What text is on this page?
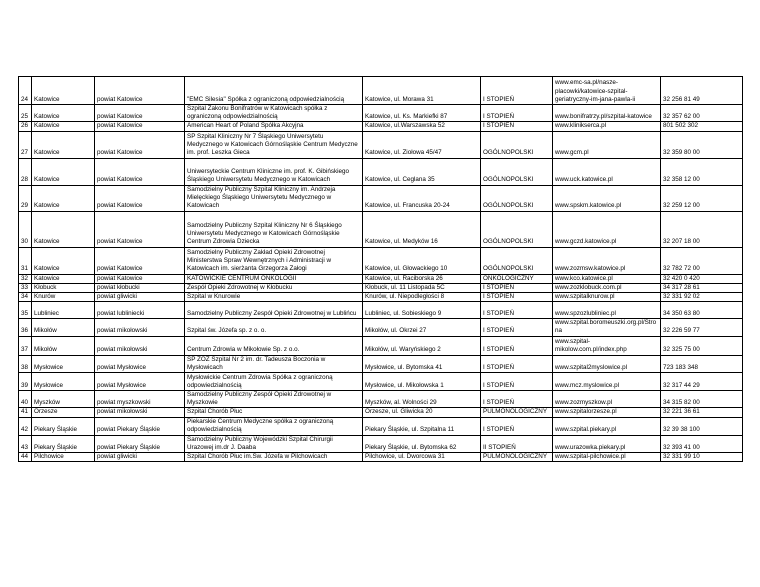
24	Katowice	powiat Katowice	"EMC Silesia" Spółka z ograniczoną odpowiedzialnością	Katowice, ul. Morawa 31	I STOPIEŃ	www.emc-sa.pl/nasze-placowki/katowice-szpital-geriatryczny-im-jana-pawla-ii	32 256 81 49
25	Katowice	powiat Katowice	Szpital Zakonu Bonifratrów w Katowicach spółka z ograniczoną odpowiedzialnością	Katowice, ul. Ks. Markiefki 87	I STOPIEŃ	www.bonifratrzy.pl/szpital-katowice	32 357 62 00
26	Katowice	powiat Katowice	American Heart of Poland Spółka Akcyjna	Katowice, ul.Warszawska 52	I STOPIEŃ	www.klinikserca.pl	801 502 302
27	Katowice	powiat Katowice	SP Szpital Kliniczny Nr 7 Śląskiego Uniwersytetu Medycznego w Katowicach Górnośląskie Centrum Medyczne im. prof. Leszka Gieca	Katowice, ul. Ziołowa 45/47	OGÓLNOPOLSKI	www.gcm.pl	32 359 80 00
28	Katowice	powiat Katowice	Uniwersyteckie Centrum Kliniczne im. prof. K. Gibińskiego Śląskiego Uniwersytetu Medycznego w Katowicach	Katowice, ul. Ceglana 35	OGÓLNOPOLSKI	www.uck.katowice.pl	32 358 12 00
29	Katowice	powiat Katowice	Samodzielny Publiczny Szpital Kliniczny im. Andrzeja Mielęckiego Śląskiego Uniwersytetu Medycznego w Katowicach	Katowice, ul. Francuska 20-24	OGÓLNOPOLSKI	www.spskm.katowice.pl	32 259 12 00
30	Katowice	powiat Katowice	Samodzielny Publiczny Szpital Kliniczny Nr 6 Śląskiego Uniwersytetu Medycznego w Katowicach Górnośląskie Centrum Zdrowia Dziecka	Katowice, ul. Medyków 16	OGÓLNOPOLSKI	www.gczd.katowice.pl	32 207 18 00
31	Katowice	powiat Katowice	Samodzielny Publiczny Zakład Opieki Zdrowotnej Ministerstwa Spraw Wewnętrznych i Administracji w Katowicach im. sierżanta Grzegorza Załogi	Katowice, ul. Głowackiego 10	OGÓLNOPOLSKI	www.zozmsw.katowice.pl	32 782 72 00
32	Katowice	powiat Katowice	KATOWICKIE CENTRUM ONKOLOGII	Katowice, ul. Raciborska 26	ONKOLOGICZNY	www.kco.katowice.pl	32 420 0 420
33	Kłobuck	powiat kłobucki	Zespół Opieki Zdrowotnej w Kłobucku	Kłobuck, ul. 11 Listopada 5C	I STOPIEŃ	www.zozklobuck.com.pl	34 317 28 61
34	Knurów	powiat gliwicki	Szpital w Knurowie	Knurów, ul. Niepodległości 8	I STOPIEŃ	www.szpitalknurow.pl	32 331 92 02
35	Lubliniec	powiat lubliniecki	Samodzielny Publiczny Zespół Opieki Zdrowotnej w Lublińcu	Lubliniec, ul. Sobieskiego 9	I STOPIEŃ	www.spzozlubliniec.pl	34 350 63 80
36	Mikołów	powiat mikołowski	Szpital św. Józefa sp. z o. o.	Mikołów, ul. Okrzei 27	I STOPIEŃ	www.szpital.boromeuszki.org.pl/Strona	32 226 59 77
37	Mikołów	powiat mikołowski	Centrum Zdrowia w Mikołowie Sp. z o.o.	Mikołów, ul. Waryńskiego 2	I STOPIEŃ	www.szpital-mikolow.com.pl/index.php	32 325 75 00
38	Mysłowice	powiat Mysłowice	SP ZOZ Szpital Nr 2 im. dr. Tadeusza Boczonia w Mysłowicach	Mysłowice, ul. Bytomska 41	I STOPIEŃ	www.szpital2myslowice.pl	723 183 348
39	Mysłowice	powiat Mysłowice	Mysłowickie Centrum Zdrowia Spółka z ograniczoną odpowiedzialnością	Mysłowice, ul. Mikołowska 1	I STOPIEŃ	www.mcz.myslowice.pl	32 317 44 29
40	Myszków	powiat myszkowski	Samodzielny Publiczny Zespół Opieki Zdrowotnej w Myszkowie	Myszków, al. Wolności 29	I STOPIEŃ	www.zozmyszkow.pl	34 315 82 00
41	Orzesze	powiat mikołowski	Szpital Chorób Płuc	Orzesze, ul. Gliwicka 20	PULMONOLOGICZNY	www.szpitalorzesze.pl	32 221 36 61
42	Piekary Śląskie	powiat Piekary Śląskie	Piekarskie Centrum Medyczne spółka z ograniczoną odpowiedzialnością	Piekary Śląskie, ul. Szpitalna 11	I STOPIEŃ	www.szpital.piekary.pl	32 39 38 100
43	Piekary Śląskie	powiat Piekary Śląskie	Samodzielny Publiczny Wojewódzki Szpital Chirurgii Urazowej im.dr J. Daaba	Piekary Śląskie, ul. Bytomska 62	II STOPIEŃ	www.urazowka.piekary.pl	32 393 41 00
44	Pilchowice	powiat gliwicki	Szpital Chorób Płuc im.Św. Józefa w Pilchowicach	Pilchowice, ul. Dworcowa 31	PULMONOLOGICZNY	www.szpital-pilchowice.pl	32 331 99 10
